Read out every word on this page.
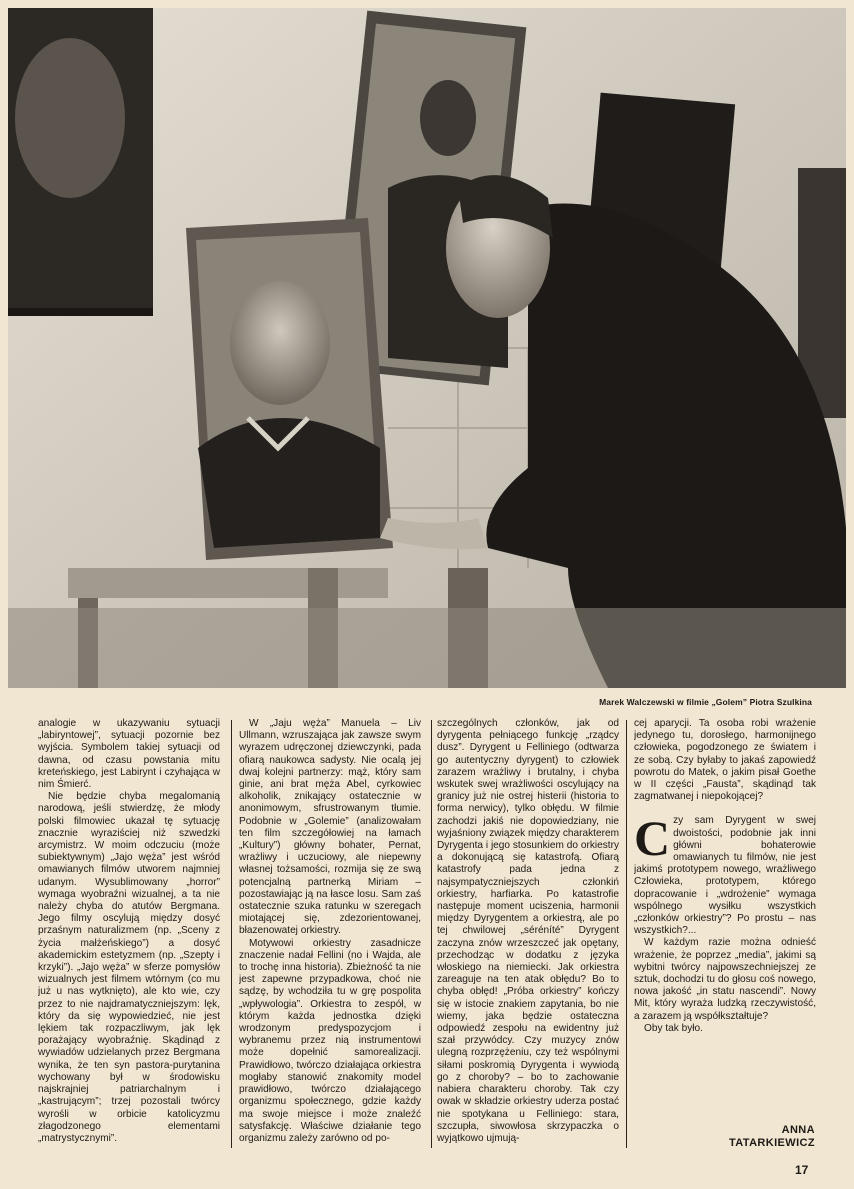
Marek Walczewski w filmie „Golem” Piotra Szulkina

analogie w ukazywaniu sytuacji „labiryntowej”, sytuacji pozornie bez wyjścia. Symbolem takiej sytuacji od dawna, od czasu powstania mitu kreteńskiego, jest Labirynt i czyhająca w nim Śmierć.

Nie będzie chyba megalomanią narodową, jeśli stwierdzę, że młody polski filmowiec ukazał tę sytuację znacznie wyraziściej niż szwedzki arcymistrz. W moim odczuciu (może subiektywnym) „Jajo węża” jest wśród omawianych filmów utworem najmniej udanym. Wysublimowany „horror” wymaga wyobraźni wizualnej, a ta nie należy chyba do atutów Bergmana. Jego filmy oscylują między dosyć przaśnym naturalizmem (np. „Sceny z życia małżeńskiego”) a dosyć akademickim estetyzmem (np. „Szepty i krzyki”). „Jajo węża” w sferze pomysłów wizualnych jest filmem wtórnym (co mu już u nas wytknięto), ale kto wie, czy przez to nie najdramatyczniejszym: lęk, który da się wypowiedzieć, nie jest lękiem tak rozpaczliwym, jak lęk porażający wyobraźnię. Skądinąd z wywiadów udzielanych przez Bergmana wynika, że ten syn pastora-purytanina wychowany był w środowisku najskrajniej patriarchalnym i „kastrującym”; trzej pozostali twórcy wyrośli w orbicie katolicyzmu złagodzonego elementami „matrystycznymi”.

W „Jaju węża” Manuela – Liv Ullmann, wzruszająca jak zawsze swym wyrazem udręczonej dziewczynki, pada ofiarą naukowca sadysty. Nie ocalą jej dwaj kolejni partnerzy: mąż, który sam ginie, ani brat męża Abel, cyrkowiec alkoholik, znikający ostatecznie w anonimowym, sfrustrowanym tłumie. Podobnie w „Golemie” (analizowałam ten film szczegółowiej na łamach „Kultury”) główny bohater, Pernat, wrażliwy i uczuciowy, ale niepewny własnej tożsamości, rozmija się ze swą potencjalną partnerką Miriam – pozostawiając ją na łasce losu. Sam zaś ostatecznie szuka ratunku w szeregach miotającej się, zdezorientowanej, błazenowatej orkiestry.

Motywowi orkiestry zasadnicze znaczenie nadał Fellini (no i Wajda, ale to trochę inna historia). Zbieżność ta nie jest zapewne przypadkowa, choć nie sądzę, by wchodziła tu w grę pospolita „wpływologia”. Orkiestra to zespół, w którym każda jednostka dzięki wrodzonym predyspozycjom i wybranemu przez nią instrumentowi może dopełnić samorealizacji. Prawidłowo, twórczo działająca orkiestra mogłaby stanowić znakomity model prawidłowo, twórczo działającego organizmu społecznego, gdzie każdy ma swoje miejsce i może znaleźć satysfakcję. Właściwe działanie tego organizmu zależy zarówno od po-

szczególnych członków, jak od dyrygenta pełniącego funkcję „rządcy dusz”. Dyrygent u Felliniego (odtwarza go autentyczny dyrygent) to człowiek zarazem wrażliwy i brutalny, i chyba wskutek swej wrażliwości oscylujący na granicy już nie ostrej histerii (historia to forma nerwicy), tylko obłędu. W filmie zachodzi jakiś nie dopowiedziany, nie wyjaśniony związek między charakterem Dyrygenta i jego stosunkiem do orkiestry a dokonującą się katastrofą. Ofiarą katastrofy pada jedna z najsympatyczniejszych członkiń orkiestry, harfiarka. Po katastrofie następuje moment uciszenia, harmonii między Dyrygentem a orkiestrą, ale po tej chwilowej „séréníté” Dyrygent zaczyna znów wrzeszczeć jak opętany, przechodząc w dodatku z języka włoskiego na niemiecki. Jak orkiestra zareaguje na ten atak obłędu? Bo to chyba obłęd! „Próba orkiestry” kończy się w istocie znakiem zapytania, bo nie wiemy, jaka będzie ostateczna odpowiedź zespołu na ewidentny już szał przywódcy. Czy muzycy znów ulegną rozprzężeniu, czy też wspólnymi siłami poskromią Dyrygenta i wywiodą go z choroby? – bo to zachowanie nabiera charakteru choroby. Tak czy owak w składzie orkiestry uderza postać nie spotykana u Felliniego: stara, szczupła, siwowłosa skrzypaczka o wyjątkowo ujmują-

cej aparycji. Ta osoba robi wrażenie jedynego tu, dorosłego, harmonijnego człowieka, pogodzonego ze światem i ze sobą. Czy byłaby to jakaś zapowiedź powrotu do Matek, o jakim pisał Goethe w II części „Fausta”, skądinąd tak zagmatwanej i niepokojącej?

Czy sam Dyrygent w swej dwoistości, podobnie jak inni główni bohaterowie omawianych tu filmów, nie jest jakimś prototypem nowego, wrażliwego Człowieka, prototypem, którego dopracowanie i „wdrożenie” wymaga wspólnego wysiłku wszystkich „członków orkiestry”? Po prostu – nas wszystkich?...

W każdym razie można odnieść wrażenie, że poprzez „media”, jakimi są wybitni twórcy najpowszechniejszej ze sztuk, dochodzi tu do głosu coś nowego, nowa jakość „in statu nascendi”. Nowy Mit, który wyraża ludzką rzeczywistość, a zarazem ją współkształtuje?

Oby tak było.

ANNA
TATARKIEWICZ
17
